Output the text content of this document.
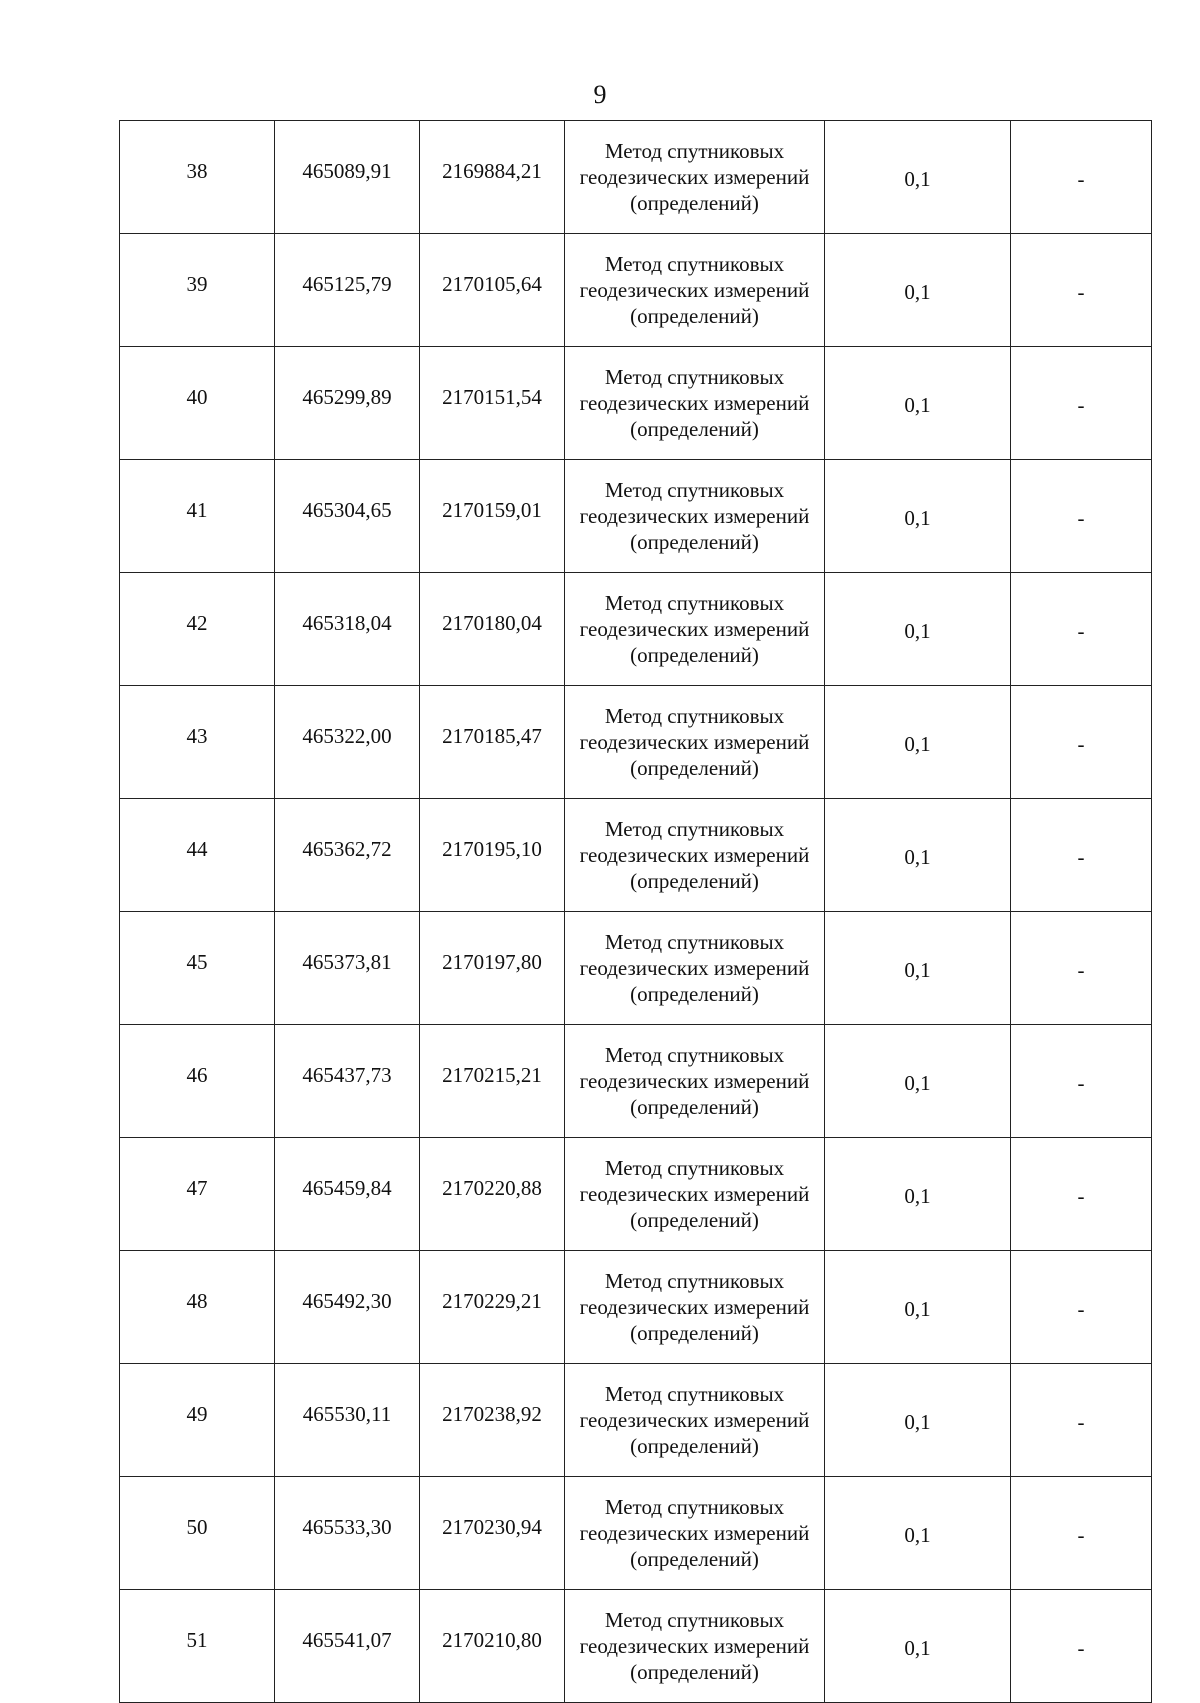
9
38	465089,91	2169884,21	Метод спутниковых
геодезических измерений
(определений)	0,1	-
39	465125,79	2170105,64	Метод спутниковых
геодезических измерений
(определений)	0,1	-
40	465299,89	2170151,54	Метод спутниковых
геодезических измерений
(определений)	0,1	-
41	465304,65	2170159,01	Метод спутниковых
геодезических измерений
(определений)	0,1	-
42	465318,04	2170180,04	Метод спутниковых
геодезических измерений
(определений)	0,1	-
43	465322,00	2170185,47	Метод спутниковых
геодезических измерений
(определений)	0,1	-
44	465362,72	2170195,10	Метод спутниковых
геодезических измерений
(определений)	0,1	-
45	465373,81	2170197,80	Метод спутниковых
геодезических измерений
(определений)	0,1	-
46	465437,73	2170215,21	Метод спутниковых
геодезических измерений
(определений)	0,1	-
47	465459,84	2170220,88	Метод спутниковых
геодезических измерений
(определений)	0,1	-
48	465492,30	2170229,21	Метод спутниковых
геодезических измерений
(определений)	0,1	-
49	465530,11	2170238,92	Метод спутниковых
геодезических измерений
(определений)	0,1	-
50	465533,30	2170230,94	Метод спутниковых
геодезических измерений
(определений)	0,1	-
51	465541,07	2170210,80	Метод спутниковых
геодезических измерений
(определений)	0,1	-
